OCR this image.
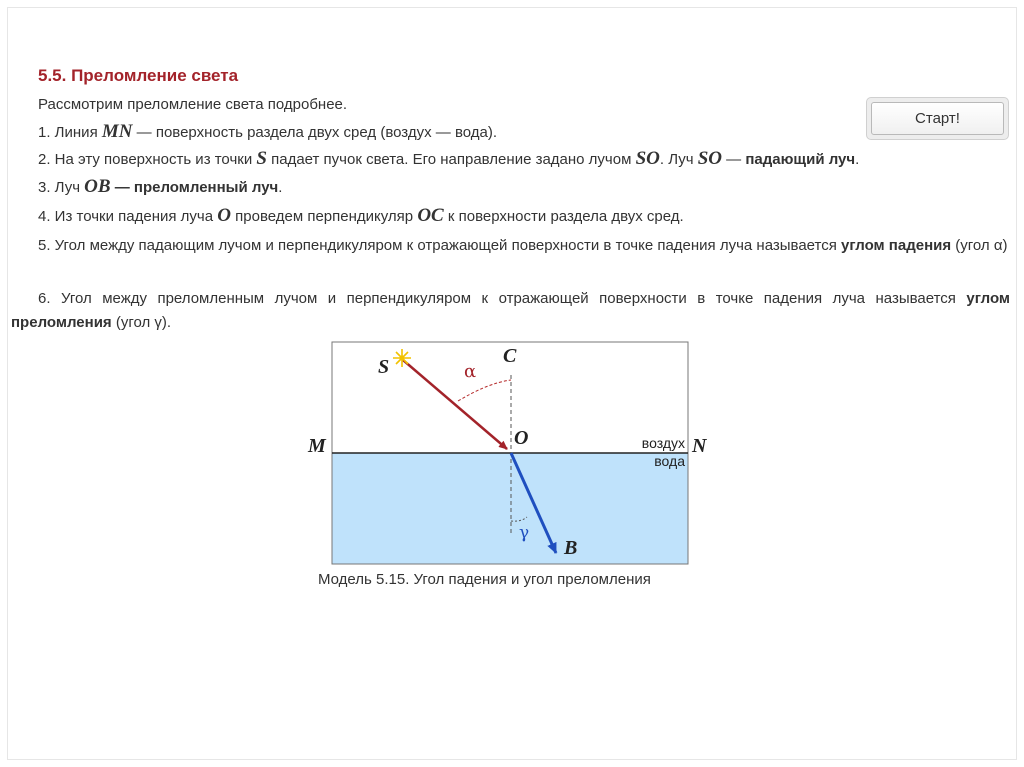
5.5. Преломление света
Рассмотрим преломление света подробнее.
1. Линия MN — поверхность раздела двух сред (воздух — вода).
2. На эту поверхность из точки S падает пучок света. Его направление задано лучом SO. Луч SO — падающий луч.
3. Луч OB — преломленный луч.
4. Из точки падения луча O проведем перпендикуляр OC к поверхности раздела двух сред.
5. Угол между падающим лучом и перпендикуляром к отражающей поверхности в точке падения луча называется углом падения (угол α)
6. Угол между преломленным лучом и перпендикуляром к отражающей поверхности в точке падения луча называется углом преломления (угол γ).
Старт!
S	C
α
M	O	N
воздух
вода
γ
B
Модель 5.15. Угол падения и угол преломления
